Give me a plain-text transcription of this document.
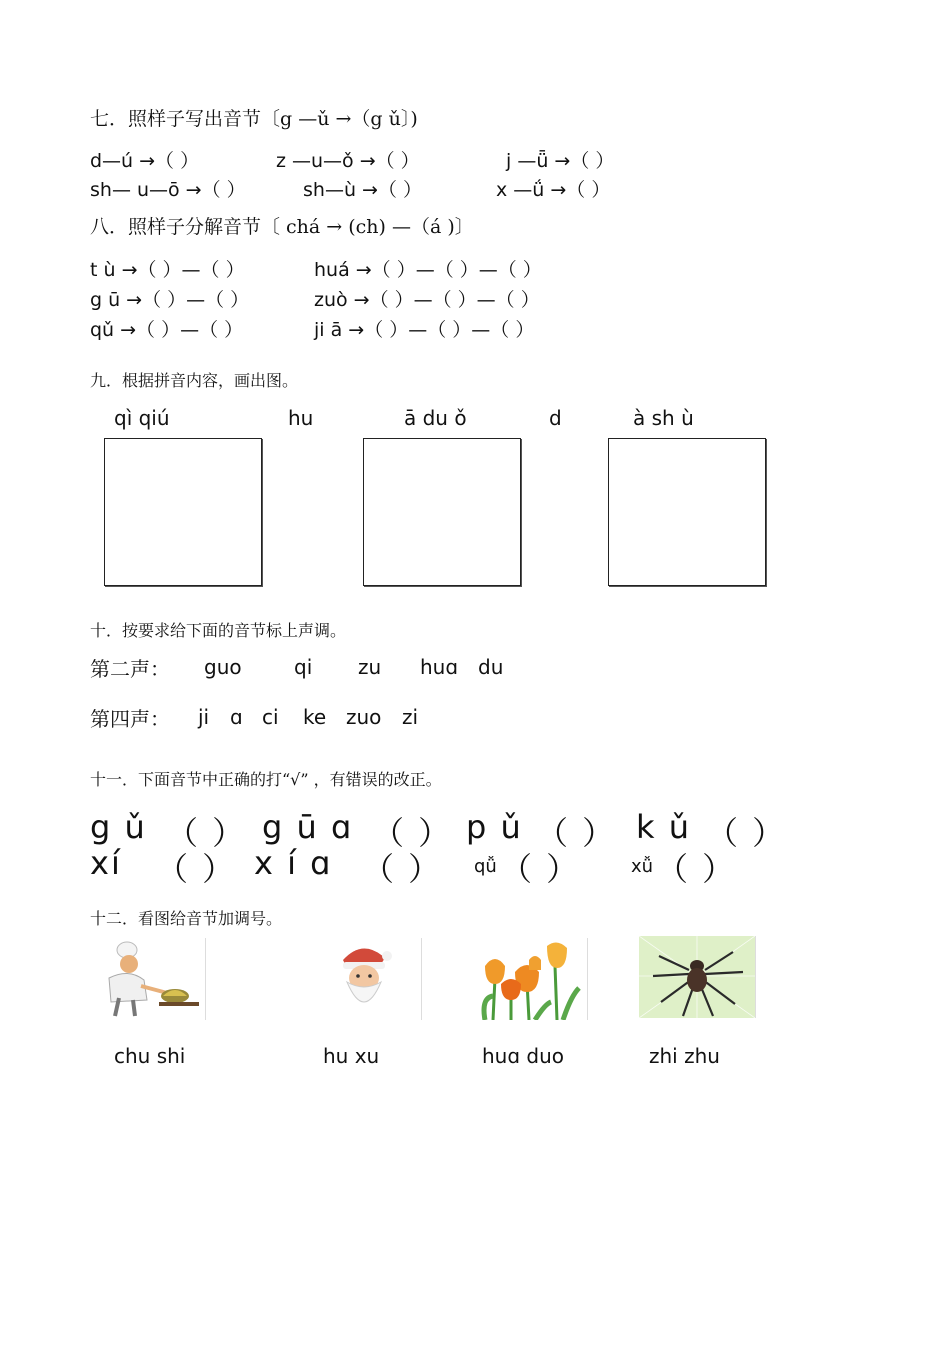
七．照样子写出音节〔g —ǔ →（g ǔ〕)
d—ú →（ ）	z —u—ǒ →（ ）	j —ǖ →（ ）
sh— u—ō →（ ）	sh—ù →（ ）	x —ǘ →（ ）
八．照样子分解音节〔 chá → (ch) —（á )〕
t ù →（ ）—（ ）	huá →（ ）—（ ）—（ ）
g ū →（ ）—（ ）	zuò →（ ）—（ ）—（ ）
qǔ →（ ）—（ ）	ji ā →（ ）—（ ）—（ ）
九．根据拼音内容，画出图。
qì qiú	hu	ā du ǒ	d	à sh ù
十．按要求给下面的音节标上声调。
第二声： guo	qi zu huɑ du
第四声： ji ɑ ci ke zuo zi
十一．下面音节中正确的打“√” ，有错误的改正。
g ǔ （ ） g ū ɑ （ ） p ǔ （ ） k ǔ （ ）
xí （ ） x í ɑ （ ） qǚ （ ）	xǚ （ ）
十二．看图给音节加调号。
chu shi	hu xu	huɑ duo	zhi zhu
